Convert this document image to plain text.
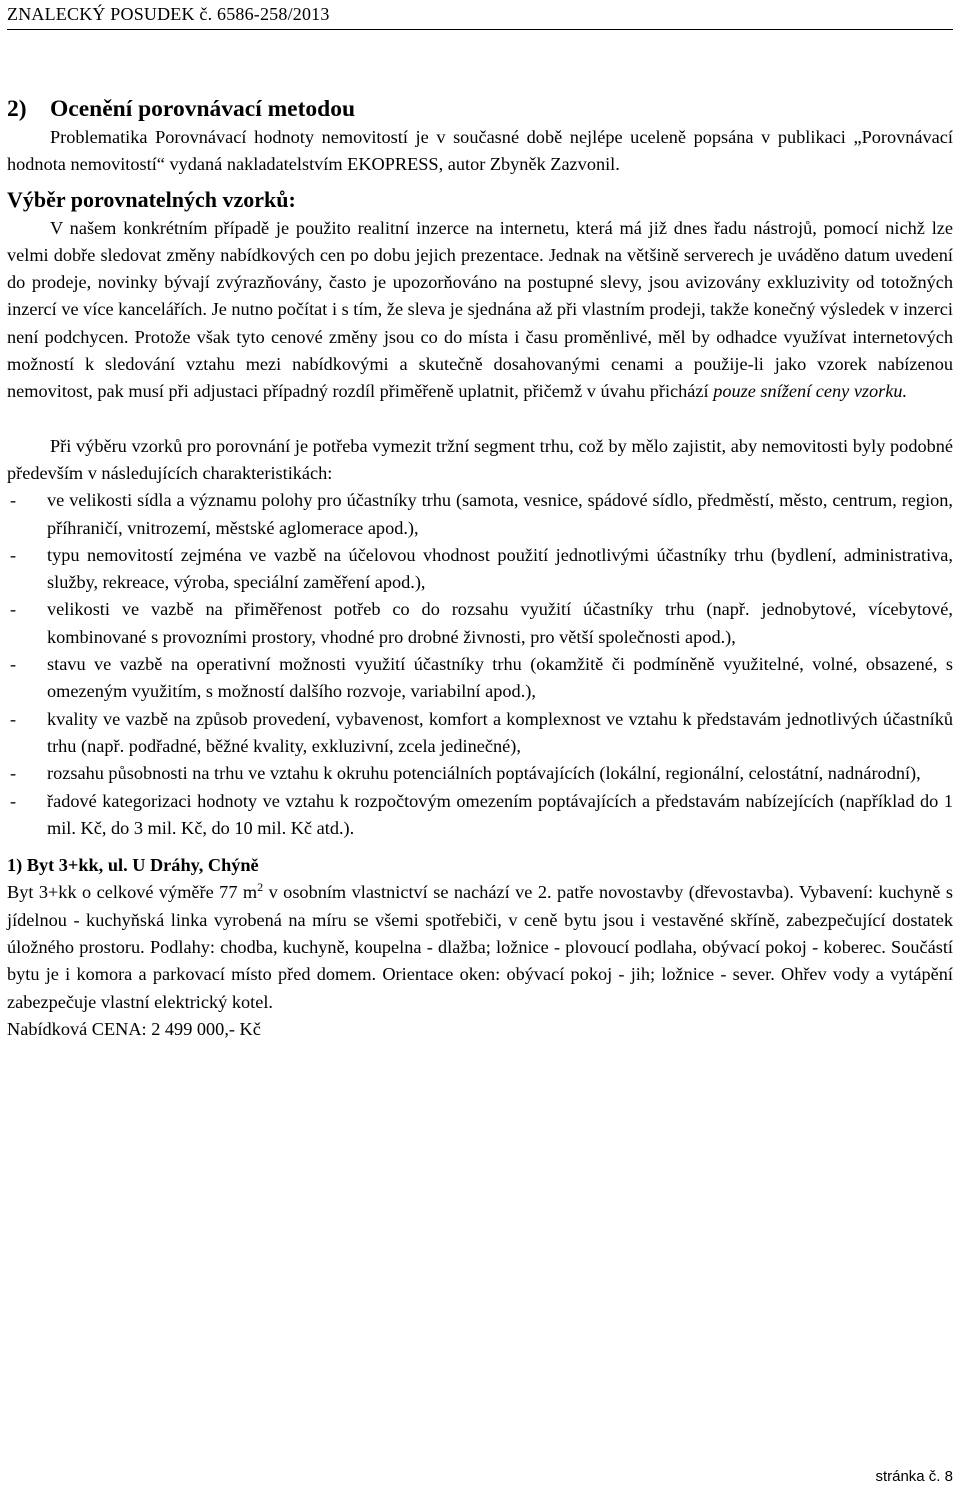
ZNALECKÝ POSUDEK č. 6586-258/2013
2) Ocenění porovnávací metodou

Problematika Porovnávací hodnoty nemovitostí je v současné době nejlépe uceleně popsána v publikaci „Porovnávací hodnota nemovitostí“ vydaná nakladatelstvím EKOPRESS, autor Zbyněk Zazvonil.

Výběr porovnatelných vzorků:

V našem konkrétním případě je použito realitní inzerce na internetu, která má již dnes řadu nástrojů, pomocí nichž lze velmi dobře sledovat změny nabídkových cen po dobu jejich prezentace. Jednak na většině serverech je uváděno datum uvedení do prodeje, novinky bývají zvýrazňovány, často je upozorňováno na postupné slevy, jsou avizovány exkluzivity od totožných inzercí ve více kancelářích. Je nutno počítat i s tím, že sleva je sjednána až při vlastním prodeji, takže konečný výsledek v inzerci není podchycen. Protože však tyto cenové změny jsou co do místa i času proměnlivé, měl by odhadce využívat internetových možností k sledování vztahu mezi nabídkovými a skutečně dosahovanými cenami a použije-li jako vzorek nabízenou nemovitost, pak musí při adjustaci případný rozdíl přiměřeně uplatnit, přičemž v úvahu přichází pouze snížení ceny vzorku.

Při výběru vzorků pro porovnání je potřeba vymezit tržní segment trhu, což by mělo zajistit, aby nemovitosti byly podobné především v následujících charakteristikách:

- ve velikosti sídla a významu polohy pro účastníky trhu (samota, vesnice, spádové sídlo, předměstí, město, centrum, region, příhraničí, vnitrozemí, městské aglomerace apod.),
- typu nemovitostí zejména ve vazbě na účelovou vhodnost použití jednotlivými účastníky trhu (bydlení, administrativa, služby, rekreace, výroba, speciální zaměření apod.),
- velikosti ve vazbě na přiměřenost potřeb co do rozsahu využití účastníky trhu (např. jednobytové, vícebytové, kombinované s provozními prostory, vhodné pro drobné živnosti, pro větší společnosti apod.),
- stavu ve vazbě na operativní možnosti využití účastníky trhu (okamžitě či podmíněně využitelné, volné, obsazené, s omezeným využitím, s možností dalšího rozvoje, variabilní apod.),
- kvality ve vazbě na způsob provedení, vybavenost, komfort a komplexnost ve vztahu k představám jednotlivých účastníků trhu (např. podřadné, běžné kvality, exkluzivní, zcela jedinečné),
- rozsahu působnosti na trhu ve vztahu k okruhu potenciálních poptávajících (lokální, regionální, celostátní, nadnárodní),
- řadové kategorizaci hodnoty ve vztahu k rozpočtovým omezením poptávajících a představám nabízejících (například do 1 mil. Kč, do 3 mil. Kč, do 10 mil. Kč atd.).
1) Byt 3+kk, ul. U Dráhy, Chýně

Byt 3+kk o celkové výměře 77 $m^2$ v osobním vlastnictví se nachází ve 2. patře novostavby (dřevostavba). Vybavení: kuchyně s jídelnou - kuchyňská linka vyrobená na míru se všemi spotřebiči, v ceně bytu jsou i vestavěné skříně, zabezpečující dostatek úložného prostoru. Podlahy: chodba, kuchyně, koupelna - dlažba; ložnice - plovoucí podlaha, obývací pokoj - koberec. Součástí bytu je i komora a parkovací místo před domem. Orientace oken: obývací pokoj - jih; ložnice - sever. Ohřev vody a vytápění zabezpečuje vlastní elektrický kotel.

Nabídková CENA: 2 499 000,- Kč

stránka č. 8
